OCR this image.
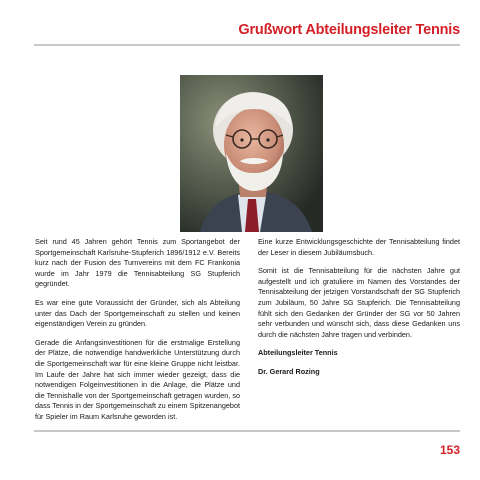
Grußwort Abteilungsleiter Tennis

Seit rund 45 Jahren gehört Tennis zum Sportangebot der Sportgemeinschaft Karlsruhe-Stupferich 1896/1912 e.V. Bereits kurz nach der Fusion des Turnvereins mit dem FC Frankonia wurde im Jahr 1979 die Tennisabteilung SG Stupferich gegründet.

Es war eine gute Voraussicht der Gründer, sich als Abteilung unter das Dach der Sportgemeinschaft zu stellen und keinen eigenständigen Verein zu gründen.

Gerade die Anfangsinvestitionen für die erstmalige Erstellung der Plätze, die notwendige handwerkliche Unterstützung durch die Sportgemeinschaft war für eine kleine Gruppe nicht leistbar. Im Laufe der Jahre hat sich immer wieder gezeigt, dass die notwendigen Folgeinvestitionen in die Anlage, die Plätze und die Tennishalle von der Sportgemeinschaft getragen wurden, so dass Tennis in der Sportgemeinschaft zu einem Spitzenangebot für Spieler im Raum Karlsruhe geworden ist.

Eine kurze Entwicklungsgeschichte der Tennisabteilung findet der Leser in diesem Jubiläumsbuch.

Somit ist die Tennisabteilung für die nächsten Jahre gut aufgestellt und ich gratuliere im Namen des Vorstandes der Tennisabteilung der jetzigen Vorstandschaft der SG Stupferich zum Jubiläum, 50 Jahre SG Stupferich. Die Tennisabteilung fühlt sich den Gedanken der Gründer der SG vor 50 Jahren sehr verbunden und wünscht sich, dass diese Gedanken uns durch die nächsten Jahre tragen und verbinden.

Abteilungsleiter Tennis

Dr. Gerard Rozing

153
